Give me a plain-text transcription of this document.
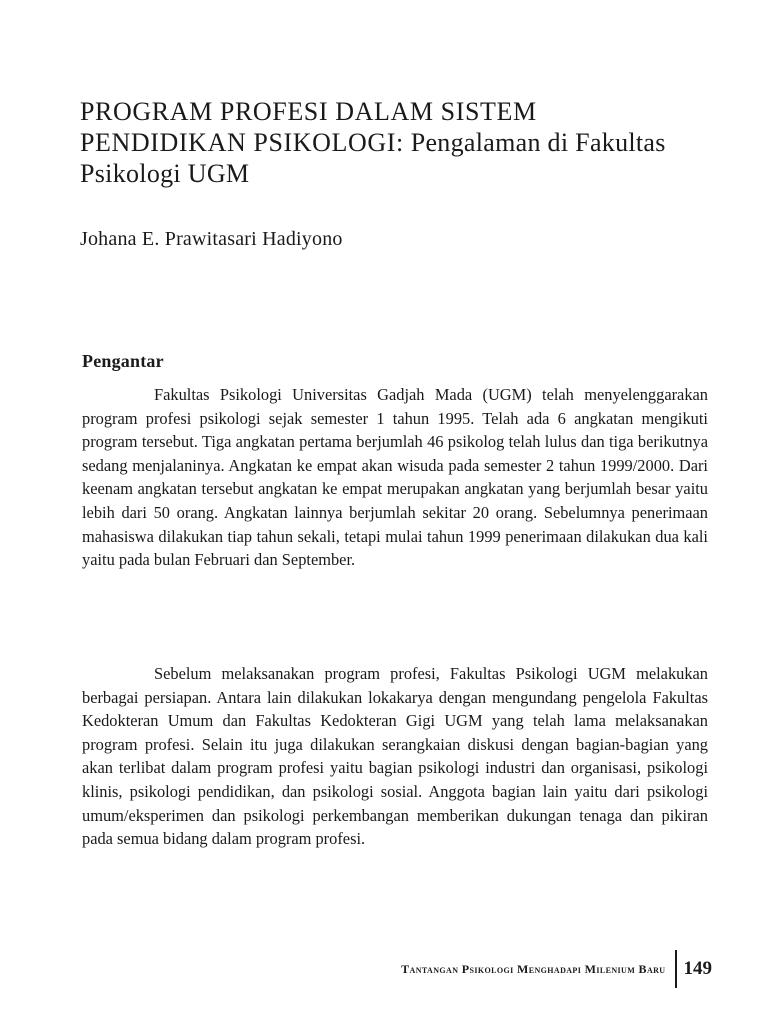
PROGRAM PROFESI DALAM SISTEM PENDIDIKAN PSIKOLOGI: Pengalaman di Fakultas Psikologi UGM
Johana E. Prawitasari Hadiyono
Pengantar

Fakultas Psikologi Universitas Gadjah Mada (UGM) telah menyelenggarakan program profesi psikologi sejak semester 1 tahun 1995. Telah ada 6 angkatan mengikuti program tersebut. Tiga angkatan pertama berjumlah 46 psikolog telah lulus dan tiga berikutnya sedang menjalaninya. Angkatan ke empat akan wisuda pada semester 2 tahun 1999/2000. Dari keenam angkatan tersebut angkatan ke empat merupakan angkatan yang berjumlah besar yaitu lebih dari 50 orang. Angkatan lainnya berjumlah sekitar 20 orang. Sebelumnya penerimaan mahasiswa dilakukan tiap tahun sekali, tetapi mulai tahun 1999 penerimaan dilakukan dua kali yaitu pada bulan Februari dan September.

Sebelum melaksanakan program profesi, Fakultas Psikologi UGM melakukan berbagai persiapan. Antara lain dilakukan lokakarya dengan mengundang pengelola Fakultas Kedokteran Umum dan Fakultas Kedokteran Gigi UGM yang telah lama melaksanakan program profesi. Selain itu juga dilakukan serangkaian diskusi dengan bagian-bagian yang akan terlibat dalam program profesi yaitu bagian psikologi industri dan organisasi, psikologi klinis, psikologi pendidikan, dan psikologi sosial. Anggota bagian lain yaitu dari psikologi umum/eksperimen dan psikologi perkembangan memberikan dukungan tenaga dan pikiran pada semua bidang dalam program profesi.

Tantangan Psikologi Menghadapi Milenium Baru 149
